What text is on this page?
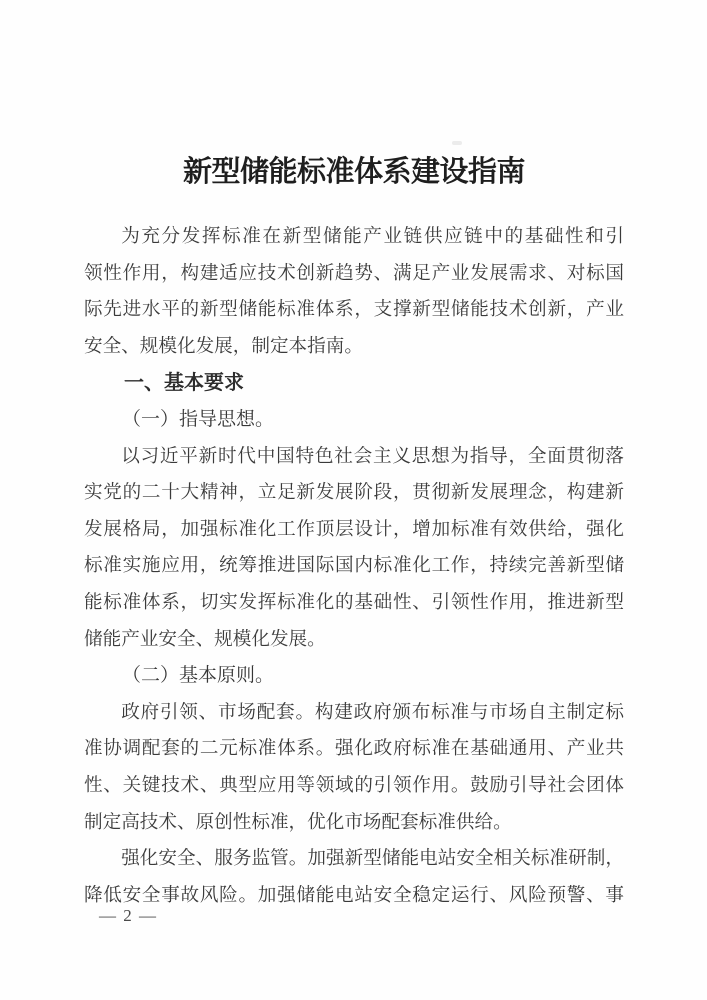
新型储能标准体系建设指南
为充分发挥标准在新型储能产业链供应链中的基础性和引
领性作用，构建适应技术创新趋势、满足产业发展需求、对标国
际先进水平的新型储能标准体系，支撑新型储能技术创新，产业
安全、规模化发展，制定本指南。
一、基本要求
（一）指导思想。
以习近平新时代中国特色社会主义思想为指导，全面贯彻落
实党的二十大精神，立足新发展阶段，贯彻新发展理念，构建新
发展格局，加强标准化工作顶层设计，增加标准有效供给，强化
标准实施应用，统筹推进国际国内标准化工作，持续完善新型储
能标准体系，切实发挥标准化的基础性、引领性作用，推进新型
储能产业安全、规模化发展。
（二）基本原则。
政府引领、市场配套。构建政府颁布标准与市场自主制定标
准协调配套的二元标准体系。强化政府标准在基础通用、产业共
性、关键技术、典型应用等领域的引领作用。鼓励引导社会团体
制定高技术、原创性标准，优化市场配套标准供给。
强化安全、服务监管。加强新型储能电站安全相关标准研制，
降低安全事故风险。加强储能电站安全稳定运行、风险预警、事
— 2 —
